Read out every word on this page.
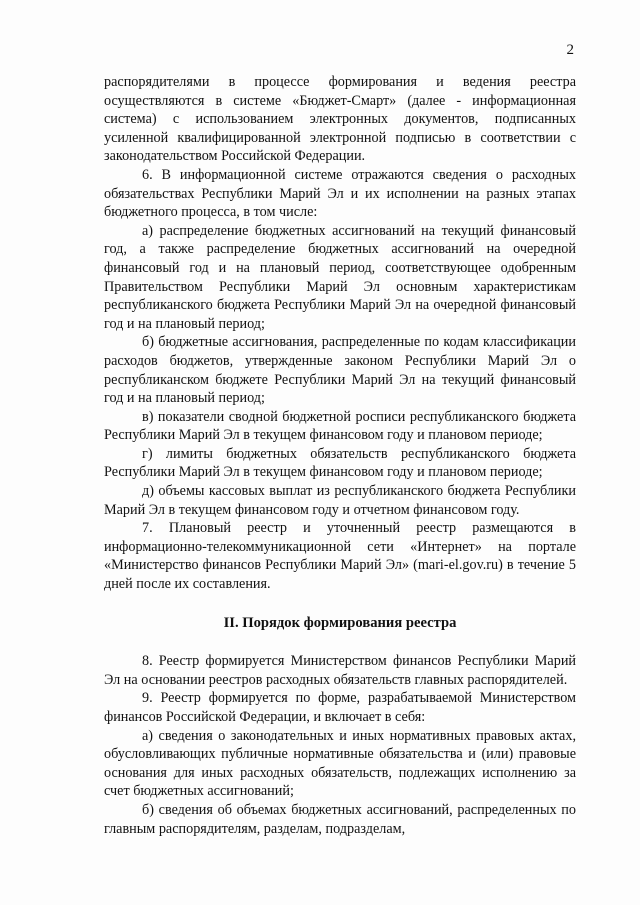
2

распорядителями в процессе формирования и ведения реестра осуществляются в системе «Бюджет-Смарт» (далее - информационная система) с использованием электронных документов, подписанных усиленной квалифицированной электронной подписью в соответствии с законодательством Российской Федерации.

6. В информационной системе отражаются сведения о расходных обязательствах Республики Марий Эл и их исполнении на разных этапах бюджетного процесса, в том числе:

а) распределение бюджетных ассигнований на текущий финансовый год, а также распределение бюджетных ассигнований на очередной финансовый год и на плановый период, соответствующее одобренным Правительством Республики Марий Эл основным характеристикам республиканского бюджета Республики Марий Эл на очередной финансовый год и на плановый период;

б) бюджетные ассигнования, распределенные по кодам классификации расходов бюджетов, утвержденные законом Республики Марий Эл о республиканском бюджете Республики Марий Эл на текущий финансовый год и на плановый период;

в) показатели сводной бюджетной росписи республиканского бюджета Республики Марий Эл в текущем финансовом году и плановом периоде;

г) лимиты бюджетных обязательств республиканского бюджета Республики Марий Эл в текущем финансовом году и плановом периоде;

д) объемы кассовых выплат из республиканского бюджета Республики Марий Эл в текущем финансовом году и отчетном финансовом году.

7. Плановый реестр и уточненный реестр размещаются в информационно-телекоммуникационной сети «Интернет» на портале «Министерство финансов Республики Марий Эл» (mari-el.gov.ru) в течение 5 дней после их составления.

II. Порядок формирования реестра

8. Реестр формируется Министерством финансов Республики Марий Эл на основании реестров расходных обязательств главных распорядителей.

9. Реестр формируется по форме, разрабатываемой Министерством финансов Российской Федерации, и включает в себя:

а) сведения о законодательных и иных нормативных правовых актах, обусловливающих публичные нормативные обязательства и (или) правовые основания для иных расходных обязательств, подлежащих исполнению за счет бюджетных ассигнований;

б) сведения об объемах бюджетных ассигнований, распределенных по главным распорядителям, разделам, подразделам,
